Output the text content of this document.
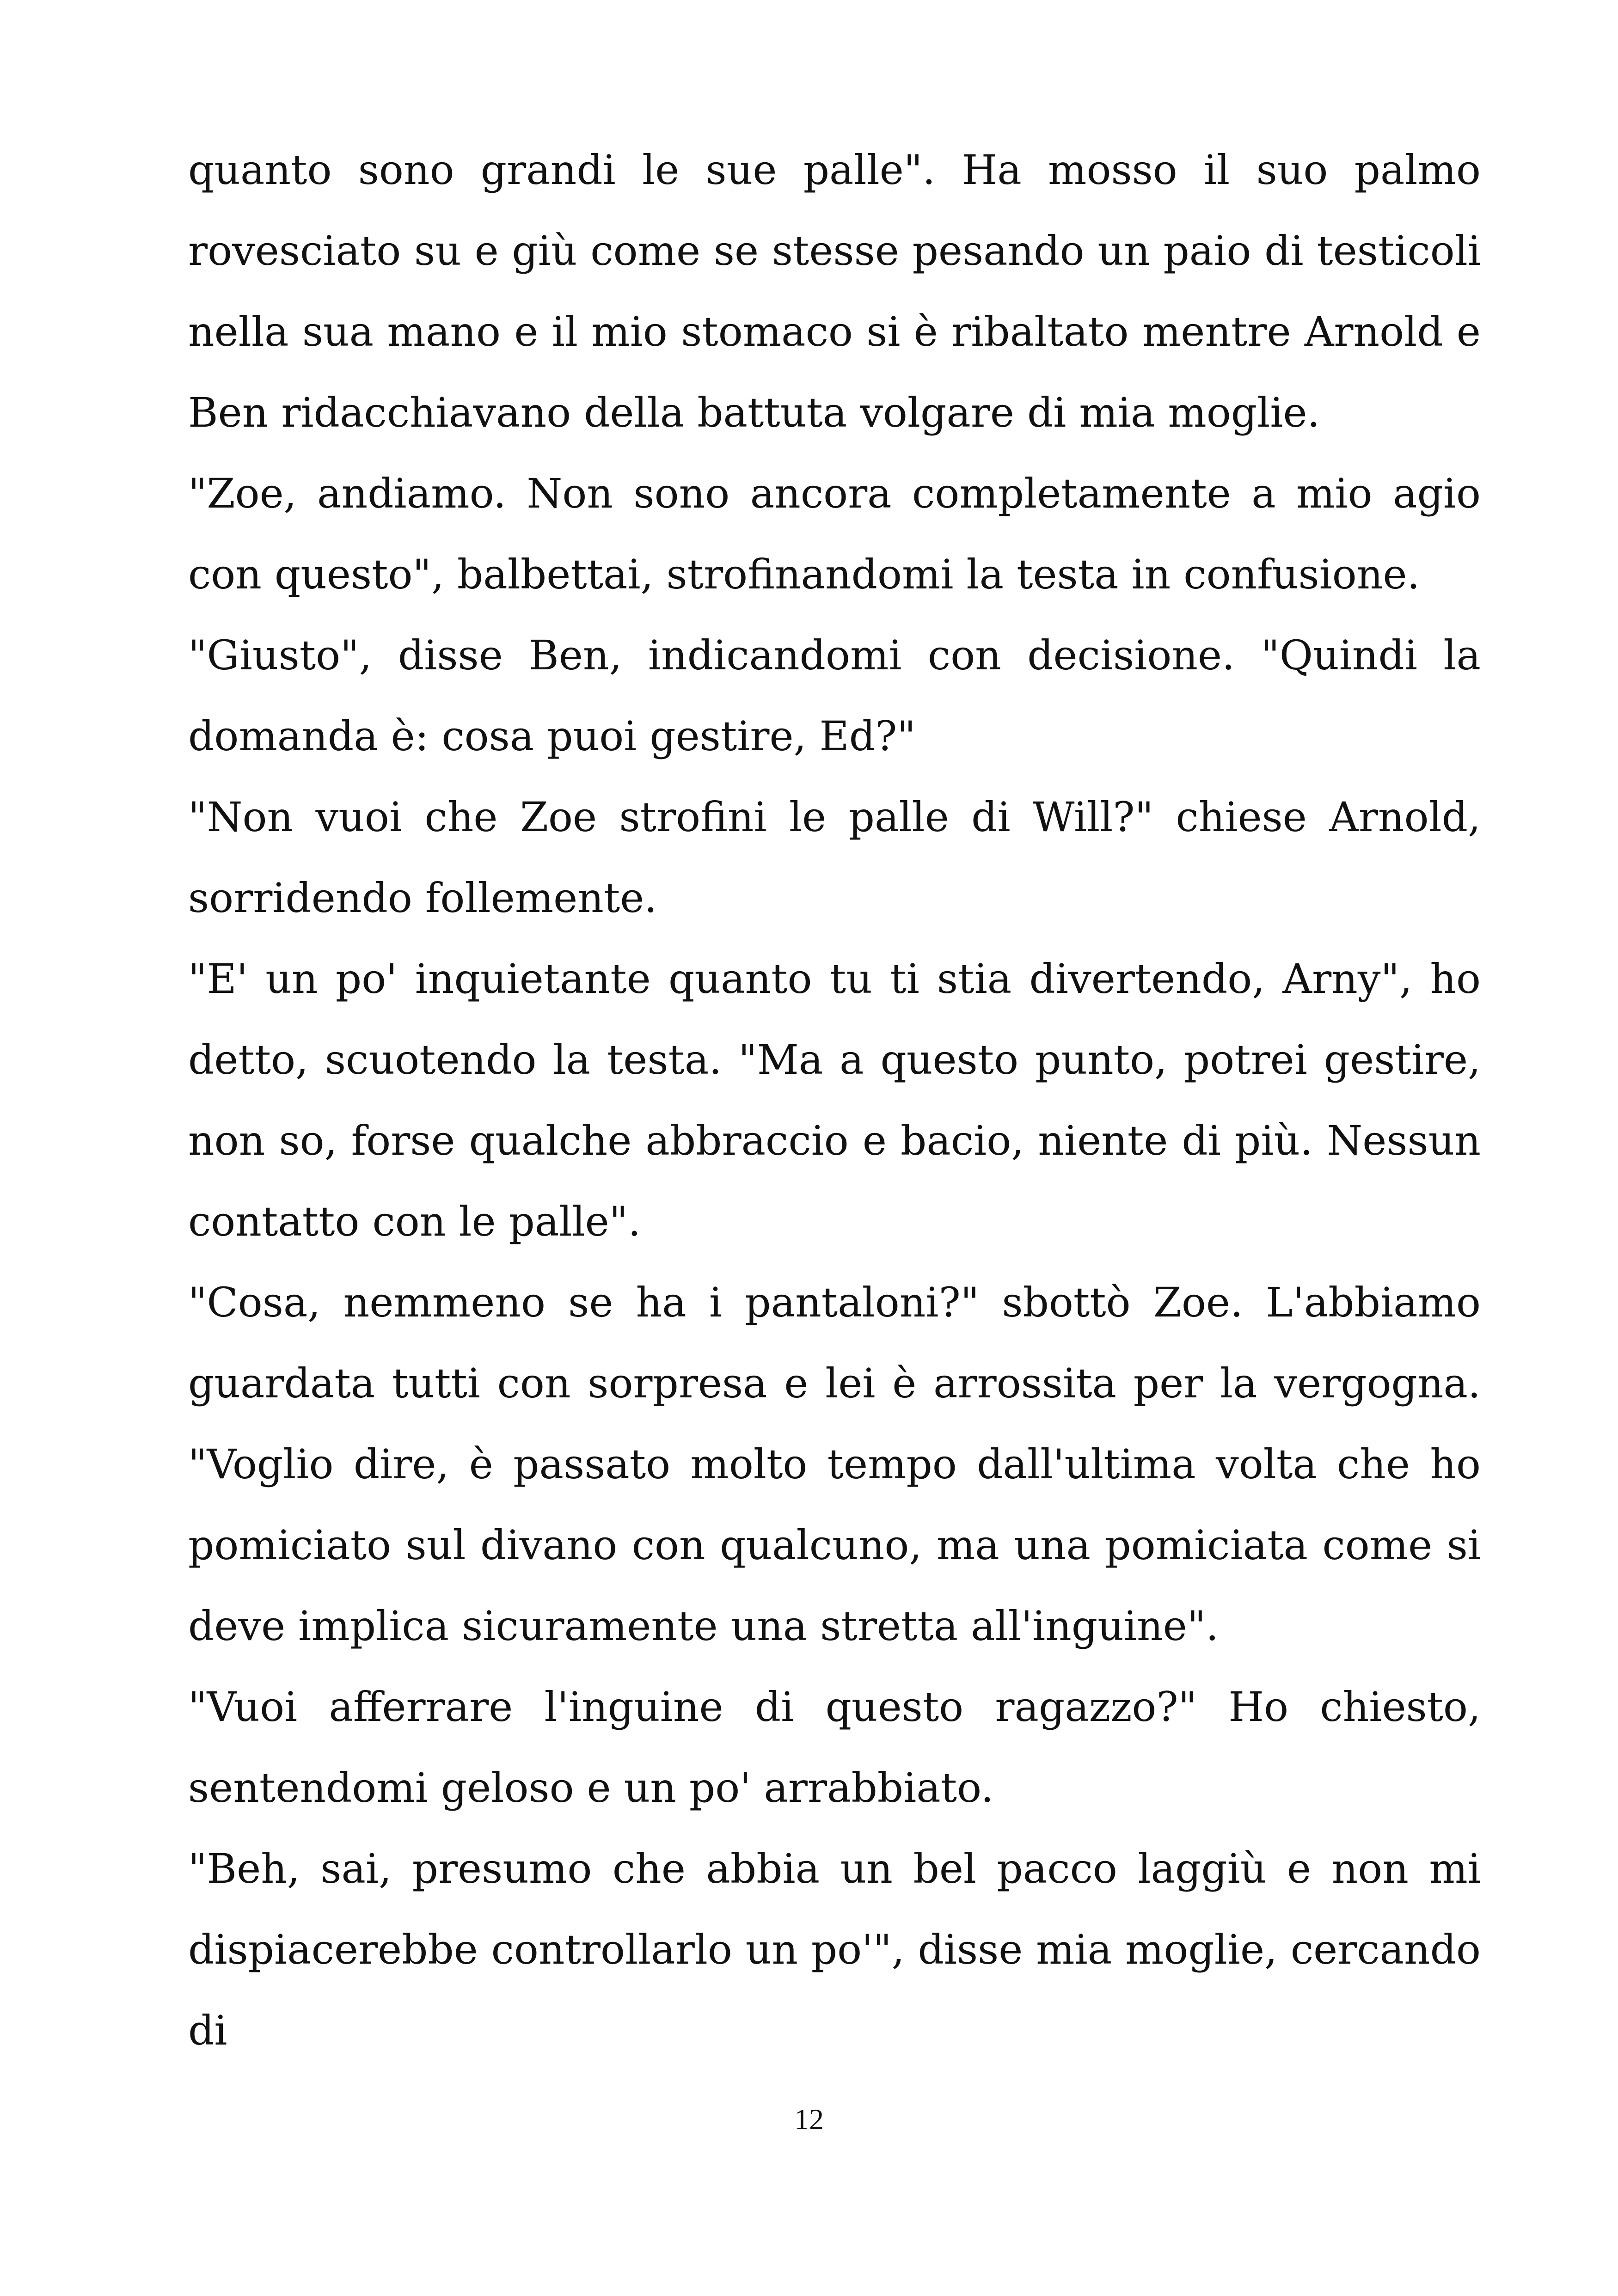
quanto sono grandi le sue palle". Ha mosso il suo palmo rovesciato su e giù come se stesse pesando un paio di testicoli nella sua mano e il mio stomaco si è ribaltato mentre Arnold e Ben ridacchiavano della battuta volgare di mia moglie.

"Zoe, andiamo. Non sono ancora completamente a mio agio con questo", balbettai, strofinandomi la testa in confusione.

"Giusto", disse Ben, indicandomi con decisione. "Quindi la domanda è: cosa puoi gestire, Ed?"

"Non vuoi che Zoe strofini le palle di Will?" chiese Arnold, sorridendo follemente.

"E' un po' inquietante quanto tu ti stia divertendo, Arny", ho detto, scuotendo la testa. "Ma a questo punto, potrei gestire, non so, forse qualche abbraccio e bacio, niente di più. Nessun contatto con le palle".

"Cosa, nemmeno se ha i pantaloni?" sbottò Zoe. L'abbiamo guardata tutti con sorpresa e lei è arrossita per la vergogna. "Voglio dire, è passato molto tempo dall'ultima volta che ho pomiciato sul divano con qualcuno, ma una pomiciata come si deve implica sicuramente una stretta all'inguine".

"Vuoi afferrare l'inguine di questo ragazzo?" Ho chiesto, sentendomi geloso e un po' arrabbiato.

"Beh, sai, presumo che abbia un bel pacco laggiù e non mi dispiacerebbe controllarlo un po'", disse mia moglie, cercando di

12
